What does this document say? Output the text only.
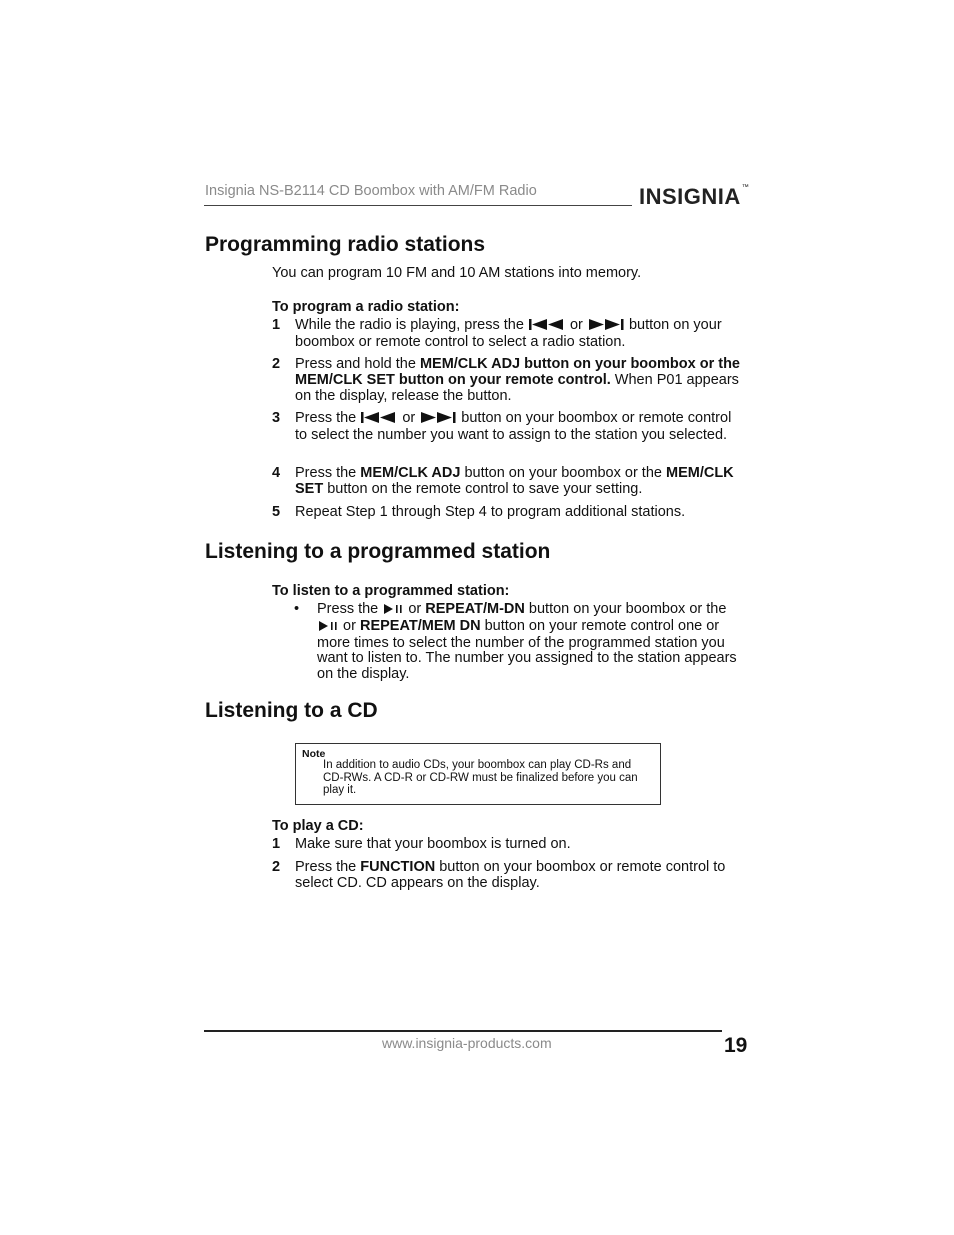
Insignia NS-B2114 CD Boombox with AM/FM Radio	INSIGNIA™
Programming radio stations
You can program 10 FM and 10 AM stations into memory.
To program a radio station:
1 While the radio is playing, press the	or	button on your boombox or remote control to select a radio station.
2 Press and hold the MEM/CLK ADJ button on your boombox or the MEM/CLK SET button on your remote control. When P01 appears on the display, release the button.
3 Press the	or	button on your boombox or remote control to select the number you want to assign to the station you selected.
4 Press the MEM/CLK ADJ button on your boombox or the MEM/CLK SET button on the remote control to save your setting.
5 Repeat Step 1 through Step 4 to program additional stations.
Listening to a programmed station
To listen to a programmed station:
• Press the or REPEAT/M-DN button on your boombox or the  or REPEAT/MEM DN button on your remote control one or more times to select the number of the programmed station you want to listen to. The number you assigned to the station appears on the display.
Listening to a CD
Note
In addition to audio CDs, your boombox can play CD-Rs and CD-RWs. A CD-R or CD-RW must be finalized before you can play it.
To play a CD:
1 Make sure that your boombox is turned on.
2 Press the FUNCTION button on your boombox or remote control to select CD. CD appears on the display.
www.insignia-products.com	19
